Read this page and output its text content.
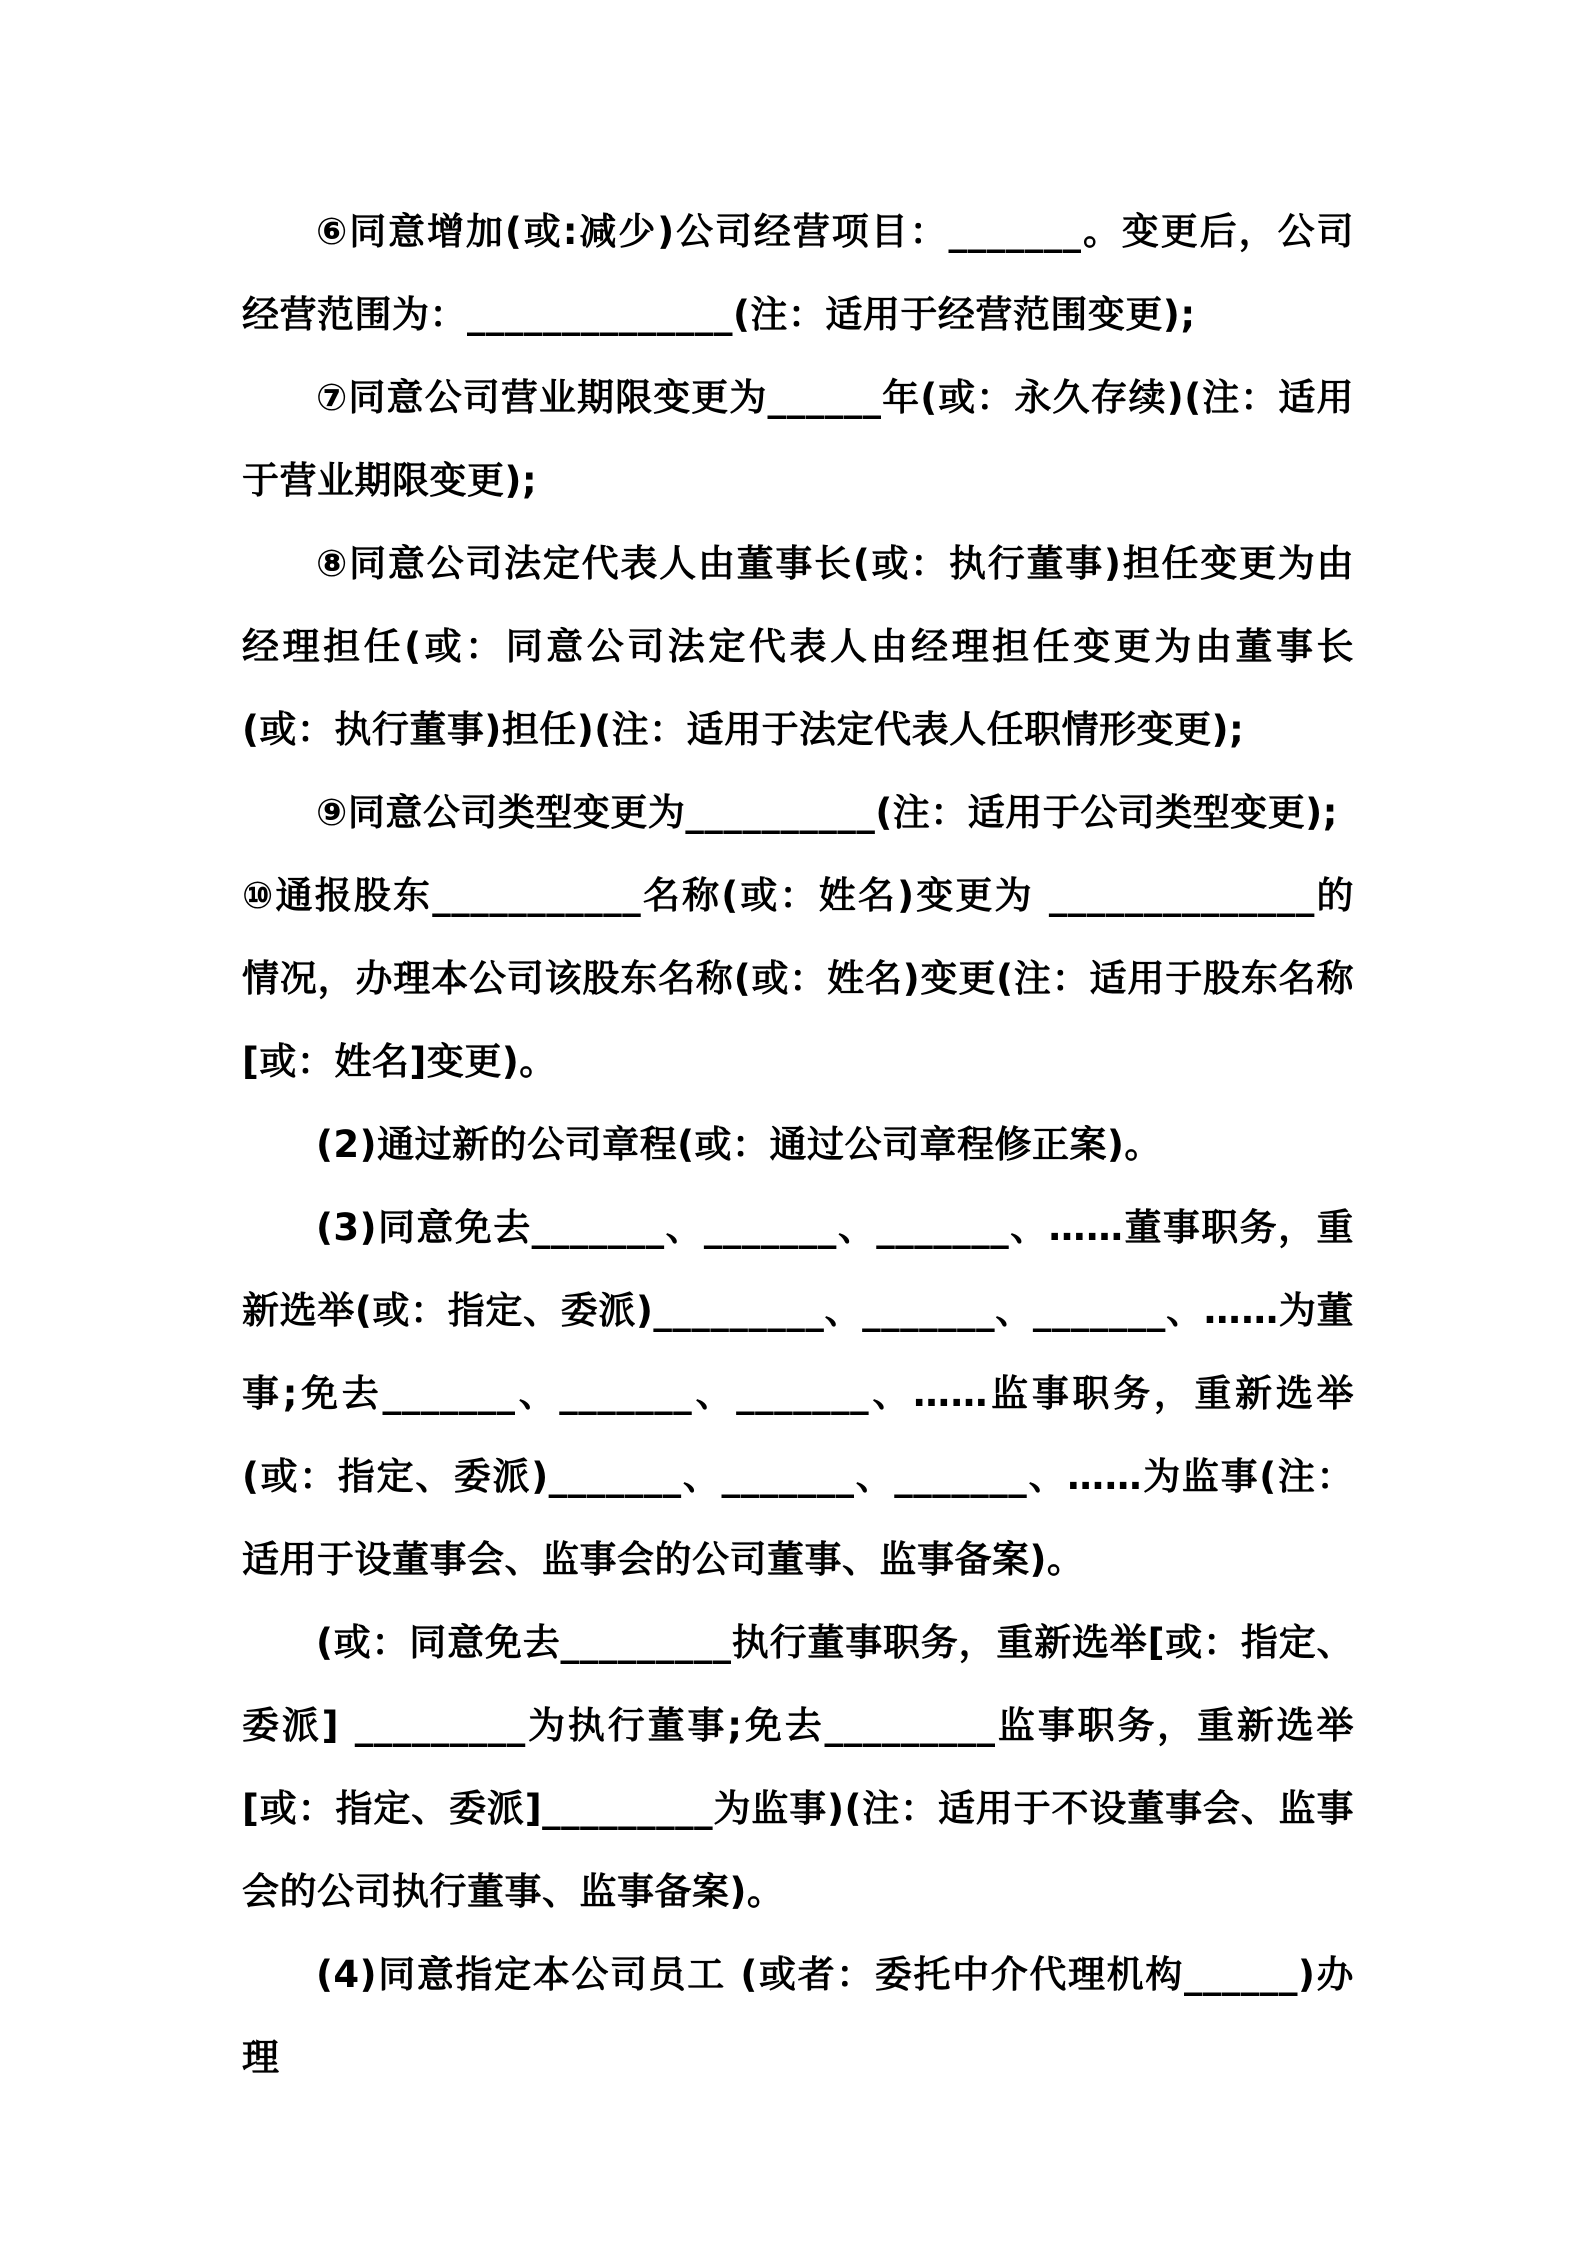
⑥同意增加(或:减少)公司经营项目：_______。变更后，公司经营范围为：______________(注：适用于经营范围变更);

⑦同意公司营业期限变更为______年(或：永久存续)(注：适用于营业期限变更);

⑧同意公司法定代表人由董事长(或：执行董事)担任变更为由经理担任(或：同意公司法定代表人由经理担任变更为由董事长(或：执行董事)担任)(注：适用于法定代表人任职情形变更);

⑨同意公司类型变更为__________(注：适用于公司类型变更);

⑩通报股东___________名称(或：姓名)变更为 ______________的情况，办理本公司该股东名称(或：姓名)变更(注：适用于股东名称[或：姓名]变更)。

(2)通过新的公司章程(或：通过公司章程修正案)。

(3)同意免去_______、_______、_______、……董事职务，重新选举(或：指定、委派)_________、_______、_______、……为董事;免去_______、_______、_______、……监事职务，重新选举(或：指定、委派)_______、_______、_______、……为监事(注：适用于设董事会、监事会的公司董事、监事备案)。

(或：同意免去_________执行董事职务，重新选举[或：指定、委派] _________为执行董事;免去_________监事职务，重新选举[或：指定、委派]_________为监事)(注：适用于不设董事会、监事会的公司执行董事、监事备案)。

(4)同意指定本公司员工 (或者：委托中介代理机构______)办理
